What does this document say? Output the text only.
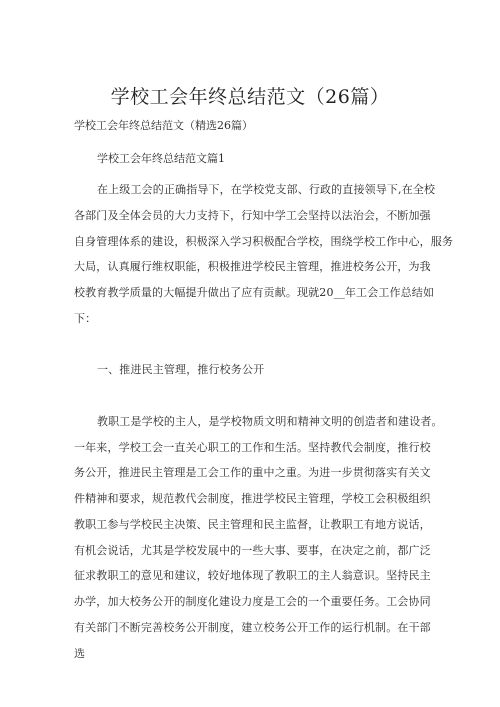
学校工会年终总结范文（26篇）
学校工会年终总结范文（精选26篇）
学校工会年终总结范文篇1
在上级工会的正确指导下，在学校党支部、行政的直接领导下,在全校
各部门及全体会员的大力支持下，行知中学工会坚持以法治会，不断加强
自身管理体系的建设，积极深入学习积极配合学校，围绕学校工作中心，服务
大局，认真履行维权职能，积极推进学校民主管理，推进校务公开，为我
校教育教学质量的大幅提升做出了应有贡献。现就20__年工会工作总结如
下：
一、推进民主管理，推行校务公开
教职工是学校的主人，是学校物质文明和精神文明的创造者和建设者。
一年来，学校工会一直关心职工的工作和生活。坚持教代会制度，推行校
务公开，推进民主管理是工会工作的重中之重。为进一步贯彻落实有关文
件精神和要求，规范教代会制度，推进学校民主管理，学校工会积极组织
教职工参与学校民主决策、民主管理和民主监督，让教职工有地方说话，
有机会说话，尤其是学校发展中的一些大事、要事，在决定之前，都广泛
征求教职工的意见和建议，较好地体现了教职工的主人翁意识。坚持民主
办学，加大校务公开的制度化建设力度是工会的一个重要任务。工会协同
有关部门不断完善校务公开制度，建立校务公开工作的运行机制。在干部
选
